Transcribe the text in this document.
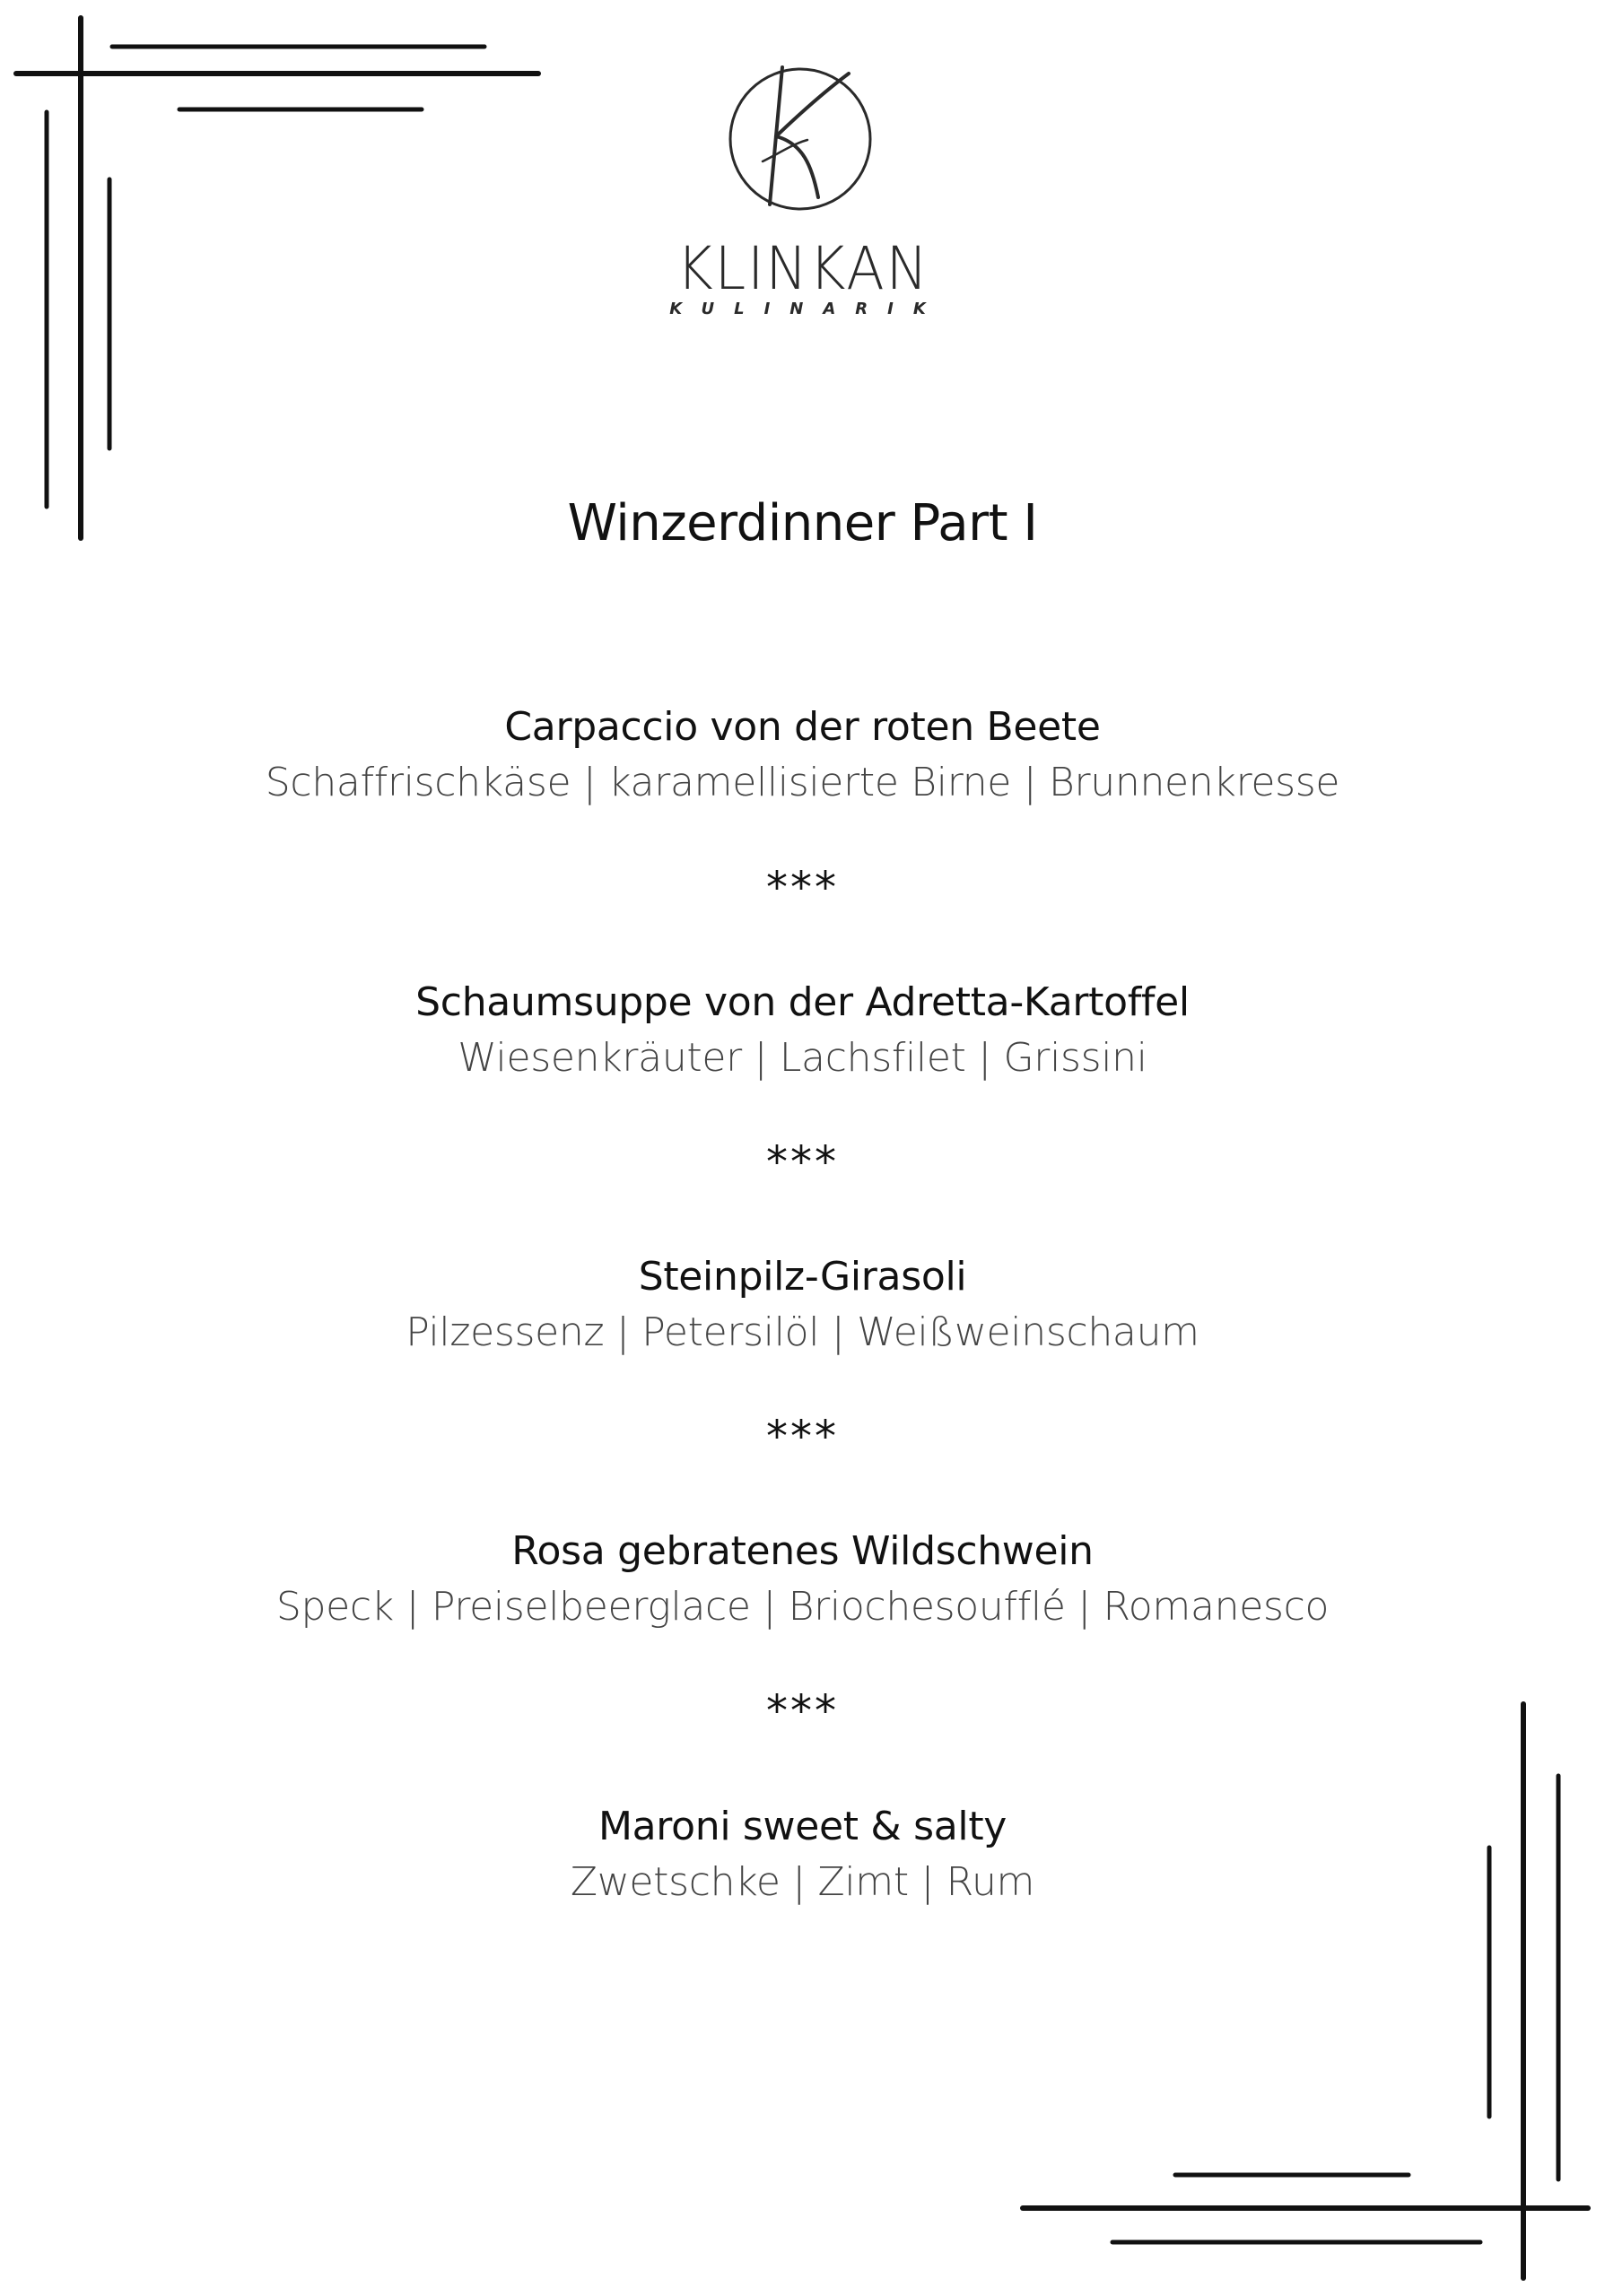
KLINKAN
KULINARIK
Winzerdinner Part I
Carpaccio von der roten Beete
Schaffrischkäse | karamellisierte Birne | Brunnenkresse
***
Schaumsuppe von der Adretta-Kartoffel
Wiesenkräuter | Lachsfilet | Grissini
***
Steinpilz-Girasoli
Pilzessenz | Petersilöl | Weißweinschaum
***
Rosa gebratenes Wildschwein
Speck | Preiselbeerglace | Briochesoufflé | Romanesco
***
Maroni sweet & salty
Zwetschke | Zimt | Rum
